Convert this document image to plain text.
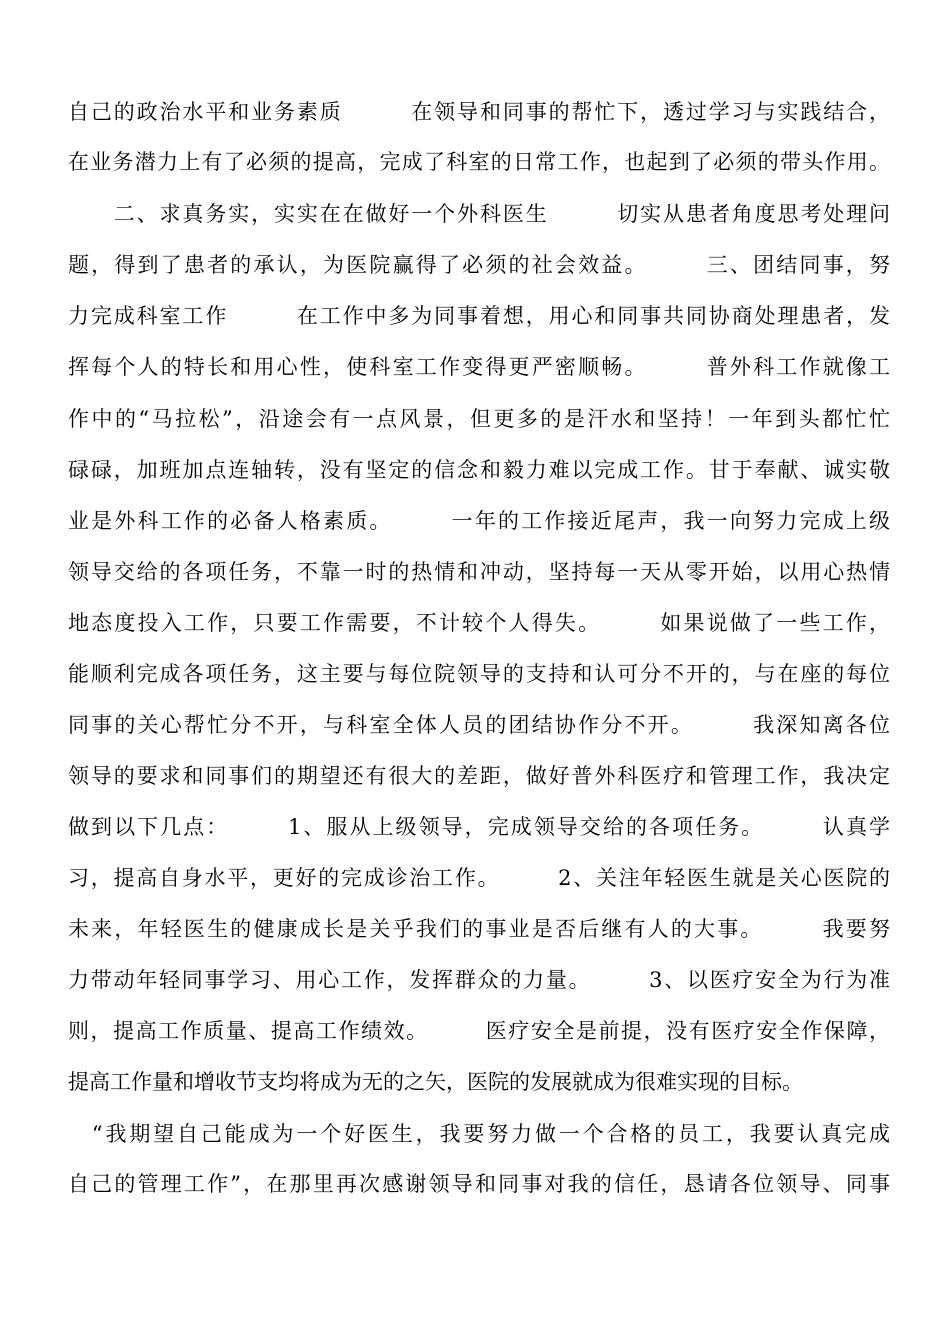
自己的政治水平和业务素质　　　在领导和同事的帮忙下，透过学习与实践结合，
在业务潜力上有了必须的提高，完成了科室的日常工作，也起到了必须的带头作用。
　　二、求真务实，实实在在做好一个外科医生　　　切实从患者角度思考处理问
题，得到了患者的承认，为医院赢得了必须的社会效益。　　　三、团结同事，努
力完成科室工作　　　在工作中多为同事着想，用心和同事共同协商处理患者，发
挥每个人的特长和用心性，使科室工作变得更严密顺畅。　　　普外科工作就像工
作中的“马拉松”，沿途会有一点风景，但更多的是汗水和坚持！一年到头都忙忙
碌碌，加班加点连轴转，没有坚定的信念和毅力难以完成工作。甘于奉献、诚实敬
业是外科工作的必备人格素质。　　　一年的工作接近尾声，我一向努力完成上级
领导交给的各项任务，不靠一时的热情和冲动，坚持每一天从零开始，以用心热情
地态度投入工作，只要工作需要，不计较个人得失。　　　如果说做了一些工作，
能顺利完成各项任务，这主要与每位院领导的支持和认可分不开的，与在座的每位
同事的关心帮忙分不开，与科室全体人员的团结协作分不开。　　　我深知离各位
领导的要求和同事们的期望还有很大的差距，做好普外科医疗和管理工作，我决定
做到以下几点：　　　1、服从上级领导，完成领导交给的各项任务。　　　认真学
习，提高自身水平，更好的完成诊治工作。　　　2、关注年轻医生就是关心医院的
未来，年轻医生的健康成长是关乎我们的事业是否后继有人的大事。　　　我要努
力带动年轻同事学习、用心工作，发挥群众的力量。　　　3、以医疗安全为行为准
则，提高工作质量、提高工作绩效。　　　医疗安全是前提，没有医疗安全作保障，
提高工作量和增收节支均将成为无的之矢，医院的发展就成为很难实现的目标。
　“我期望自己能成为一个好医生，我要努力做一个合格的员工，我要认真完成
自己的管理工作”，在那里再次感谢领导和同事对我的信任，恳请各位领导、同事
